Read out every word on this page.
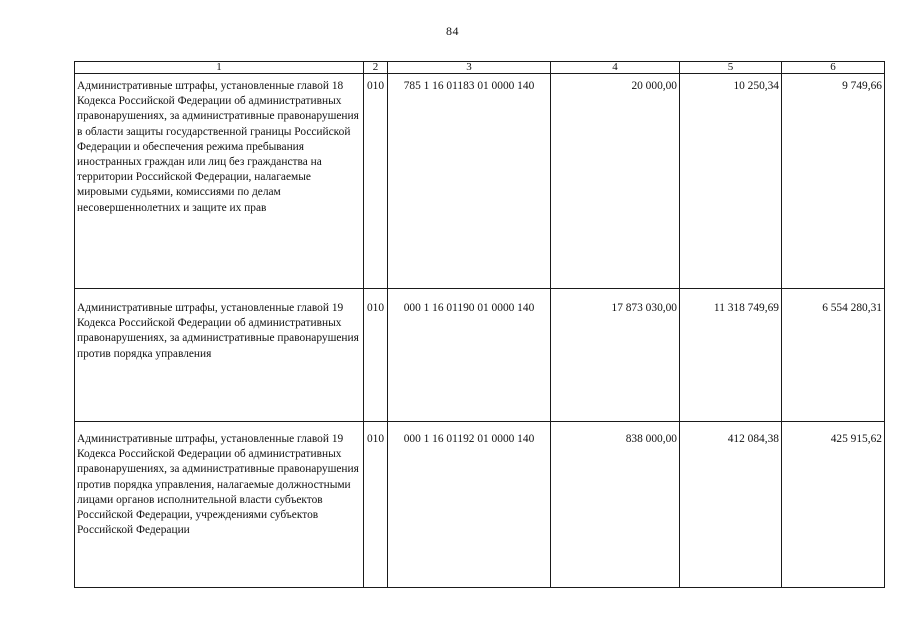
84
1	2	3	4	5	6
Административные штрафы, установленные главой 18 Кодекса Российской Федерации об административных правонарушениях, за административные правонарушения в области защиты государственной границы Российской Федерации и обеспечения режима пребывания иностранных граждан или лиц без гражданства на территории Российской Федерации, налагаемые мировыми судьями, комиссиями по делам несовершеннолетних и защите их прав	010	785 1 16 01183 01 0000 140	20 000,00	10 250,34	9 749,66
Административные штрафы, установленные главой 19 Кодекса Российской Федерации об административных правонарушениях, за административные правонарушения против порядка управления	010	000 1 16 01190 01 0000 140	17 873 030,00	11 318 749,69	6 554 280,31
Административные штрафы, установленные главой 19 Кодекса Российской Федерации об административных правонарушениях, за административные правонарушения против порядка управления, налагаемые должностными лицами органов исполнительной власти субъектов Российской Федерации, учреждениями субъектов Российской Федерации	010	000 1 16 01192 01 0000 140	838 000,00	412 084,38	425 915,62
